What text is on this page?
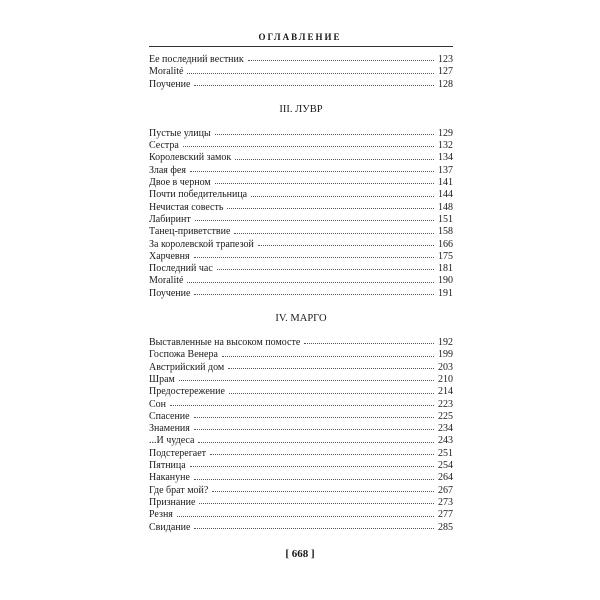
ОГЛАВЛЕНИЕ
Ее последний вестник	123
Moralité	127
Поучение	128
III. ЛУВР
Пустые улицы	129
Сестра	132
Королевский замок	134
Злая фея	137
Двое в черном	141
Почти победительница	144
Нечистая совесть	148
Лабиринт	151
Танец-приветствие	158
За королевской трапезой	166
Харчевня	175
Последний час	181
Moralité	190
Поучение	191
IV. МАРГО
Выставленные на высоком помосте	192
Госпожа Венера	199
Австрийский дом	203
Шрам	210
Предостережение	214
Сон	223
Спасение	225
Знамения	234
...И чудеса	243
Подстерегает	251
Пятница	254
Накануне	264
Где брат мой?	267
Признание	273
Резня	277
Свидание	285
[ 668 ]
